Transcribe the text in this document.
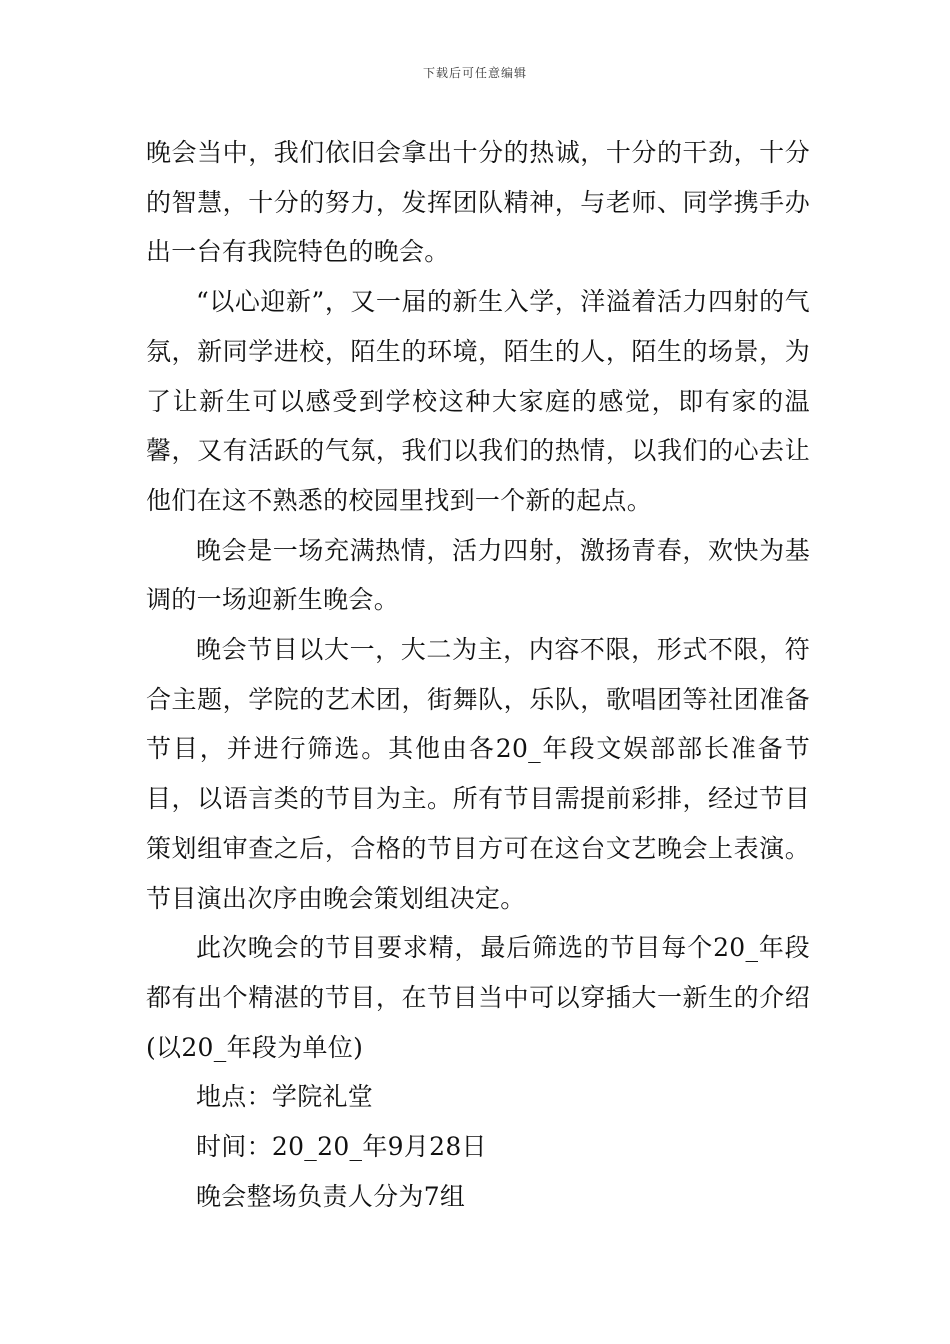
下载后可任意编辑

晚会当中，我们依旧会拿出十分的热诚，十分的干劲，十分的智慧，十分的努力，发挥团队精神，与老师、同学携手办出一台有我院特色的晚会。

“以心迎新”，又一届的新生入学，洋溢着活力四射的气氛，新同学进校，陌生的环境，陌生的人，陌生的场景，为了让新生可以感受到学校这种大家庭的感觉，即有家的温馨，又有活跃的气氛，我们以我们的热情，以我们的心去让他们在这不熟悉的校园里找到一个新的起点。

晚会是一场充满热情，活力四射，激扬青春，欢快为基调的一场迎新生晚会。

晚会节目以大一，大二为主，内容不限，形式不限，符合主题，学院的艺术团，街舞队，乐队，歌唱团等社团准备节目，并进行筛选。其他由各20_年段文娱部部长准备节目，以语言类的节目为主。所有节目需提前彩排，经过节目策划组审查之后，合格的节目方可在这台文艺晚会上表演。节目演出次序由晚会策划组决定。

此次晚会的节目要求精，最后筛选的节目每个20_年段都有出个精湛的节目，在节目当中可以穿插大一新生的介绍(以20_年段为单位)

地点：学院礼堂

时间：20_20_年9月28日

晚会整场负责人分为7组
